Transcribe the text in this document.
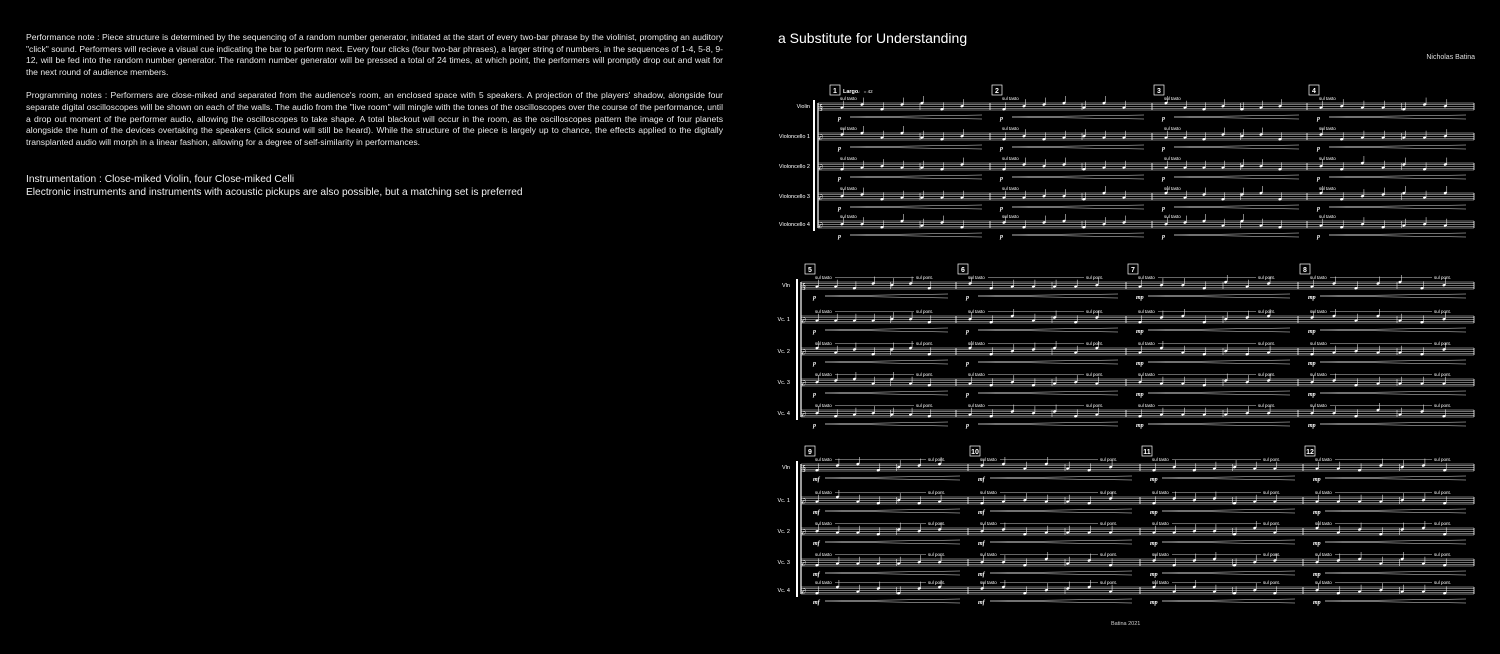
Performance note : Piece structure is determined by the sequencing of a random number generator, initiated at the start of every two-bar phrase by the violinist, prompting an auditory "click" sound. Performers will recieve a visual cue indicating the bar to perform next. Every four clicks (four two-bar phrases), a larger string of numbers, in the sequences of 1-4, 5-8, 9-12, will be fed into the random number generator. The random number generator will be pressed a total of 24 times, at which point, the performers will promptly drop out and wait for the next round of audience members.

Programming notes : Performers are close-miked and separated from the audience's room, an enclosed space with 5 speakers. A projection of the players' shadow, alongside four separate digital oscilloscopes will be shown on each of the walls. The audio from the "live room" will mingle with the tones of the oscilloscopes over the course of the performance, until a drop out moment of the performer audio, allowing the oscilloscopes to take shape. A total blackout will occur in the room, as the oscilloscopes pattern the image of four planets alongside the hum of the devices overtaking the speakers (click sound will still be heard). While the structure of the piece is largely up to chance, the effects applied to the digitally transplanted audio will morph in a linear fashion, allowing for a degree of self-similarity in performances.

Instrumentation : Close-miked Violin, four Close-miked Celli
Electronic instruments and instruments with acoustic pickups are also possible, but a matching set is preferred
a Substitute for Understanding
Nicholas Batina
Batina 2021
Violin §
p
sul tasto
p
sul tasto
p
sul tasto
p
sul tasto
Violoncello 1 ∂
p
sul tasto
p
sul tasto
p
sul tasto
p
sul tasto
Violoncello 2 ∂
p
sul tasto
p
sul tasto
p
sul tasto
p
sul tasto
Violoncello 3 ∂
p
sul tasto
p
sul tasto
p
sul tasto
p
sul tasto
Violoncello 4 ∂
p
sul tasto
p
sul tasto
p
sul tasto
p
sul tasto
1	2	3	4
Largo ♩ = 42
Vln §
p
sul tasto	sul pont.
p
sul tasto	sul pont.
mp
sul tasto	sul pont.
mp
sul tasto	sul pont.
Vc. 1 ∂
p
sul tasto	sul pont.
p
sul tasto	sul pont.
mp
sul tasto	sul pont.
mp
sul tasto	sul pont.
Vc. 2 ∂
p
sul tasto	sul pont.
p
sul tasto	sul pont.
mp
sul tasto	sul pont.
mp
sul tasto	sul pont.
Vc. 3 ∂
p
sul tasto	sul pont.
p
sul tasto	sul pont.
mp
sul tasto	sul pont.
mp
sul tasto	sul pont.
Vc. 4 ∂
p
sul tasto	sul pont.
p
sul tasto	sul pont.
mp
sul tasto	sul pont.
mp
sul tasto	sul pont.
5	6	7	8
Vln §
mf
sul tasto	sul pont.
mf
sul tasto	sul pont.
mp
sul tasto	sul pont.
mp
sul tasto	sul pont.
Vc. 1 ∂
mf
sul tasto	sul pont.
mf
sul tasto	sul pont.
mp
sul tasto	sul pont.
mp
sul tasto	sul pont.
Vc. 2 ∂
mf
sul tasto	sul pont.
mf
sul tasto	sul pont.
mp
sul tasto	sul pont.
mp
sul tasto	sul pont.
Vc. 3 ∂
mf
sul tasto	sul pont.
mf
sul tasto	sul pont.
mp
sul tasto	sul pont.
mp
sul tasto	sul pont.
Vc. 4 ∂
mf
sul tasto	sul pont.
mf
sul tasto	sul pont.
mp
sul tasto	sul pont.
mp
sul tasto	sul pont.
9	10	11	12
